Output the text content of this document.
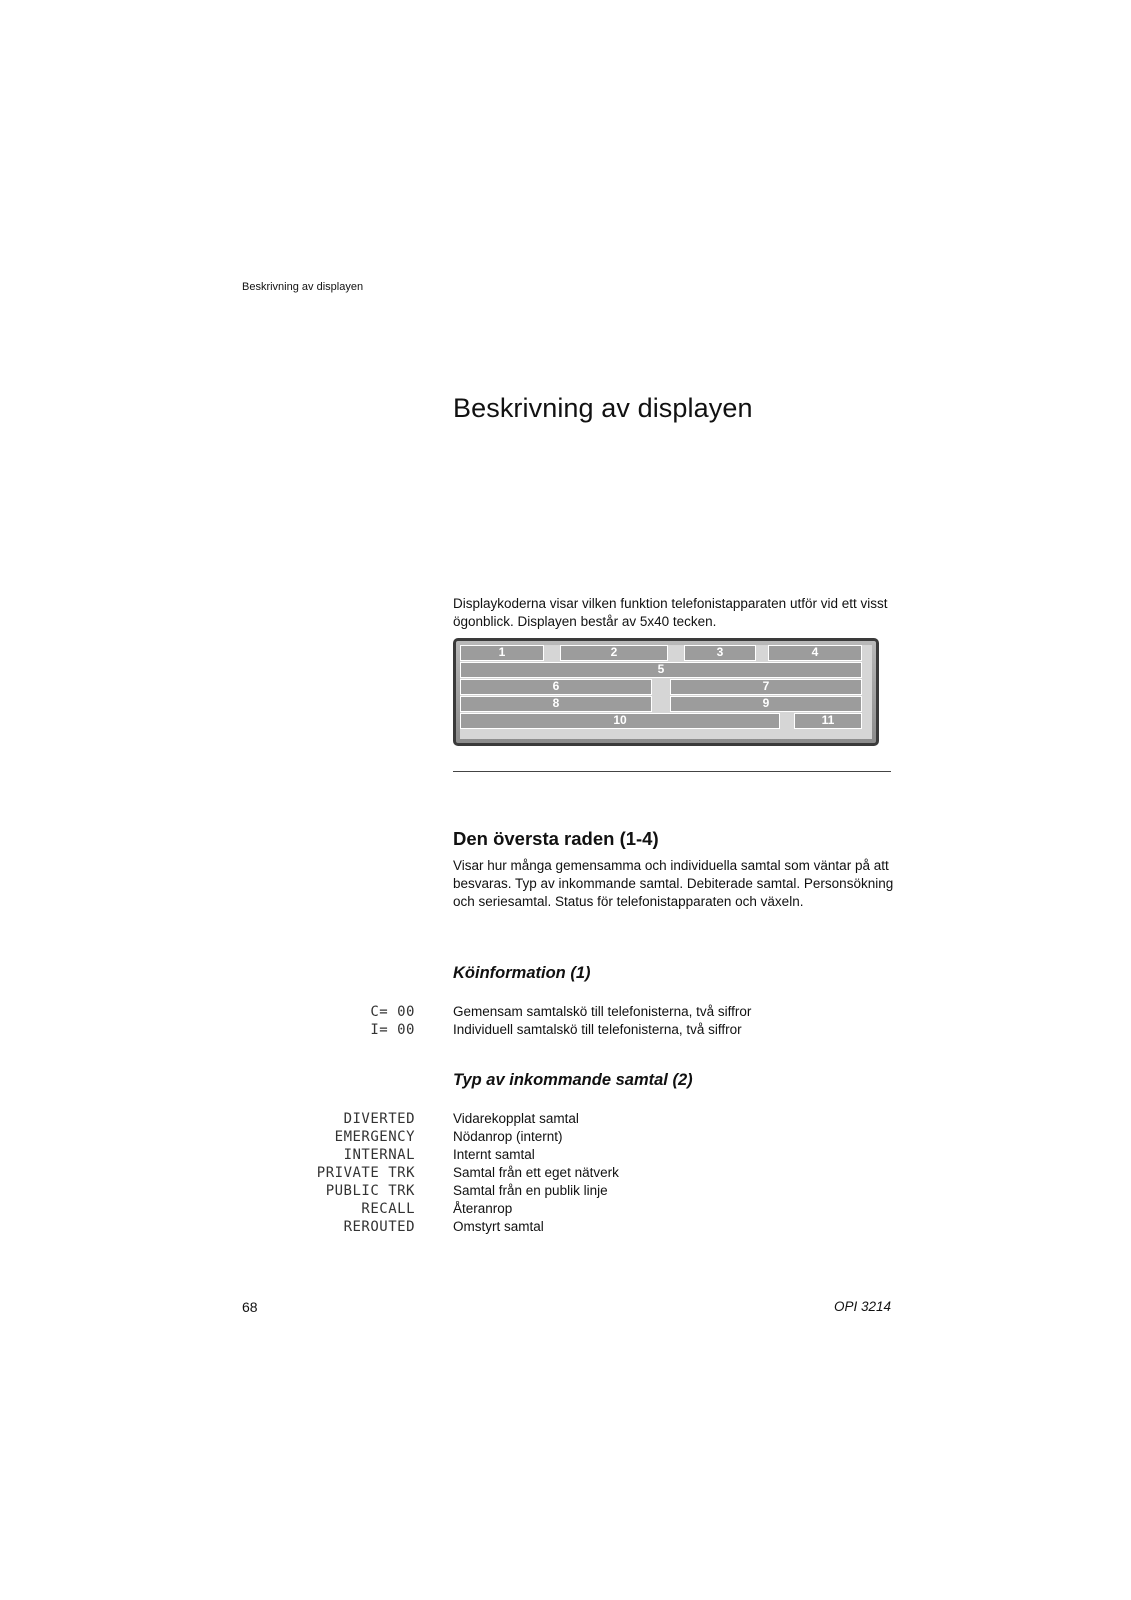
Beskrivning av displayen
Beskrivning av displayen

Displaykoderna visar vilken funktion telefonistapparaten utför vid ett visst ögonblick. Displayen består av 5x40 tecken.

1	2	3	4
5
6	7
8	9
10	11
Den översta raden (1-4)

Visar hur många gemensamma och individuella samtal som väntar på att besvaras. Typ av inkommande samtal. Debiterade samtal. Personsökning och seriesamtal. Status för telefonistapparaten och växeln.

Köinformation (1)
C= 00	Gemensam samtalskö till telefonisterna, två siffror
I= 00	Individuell samtalskö till telefonisterna, två siffror
Typ av inkommande samtal (2)
DIVERTED	Vidarekopplat samtal
EMERGENCY	Nödanrop (internt)
INTERNAL	Internt samtal
PRIVATE TRK	Samtal från ett eget nätverk
PUBLIC TRK	Samtal från en publik linje
RECALL	Återanrop
REROUTED	Omstyrt samtal
68	OPI 3214
